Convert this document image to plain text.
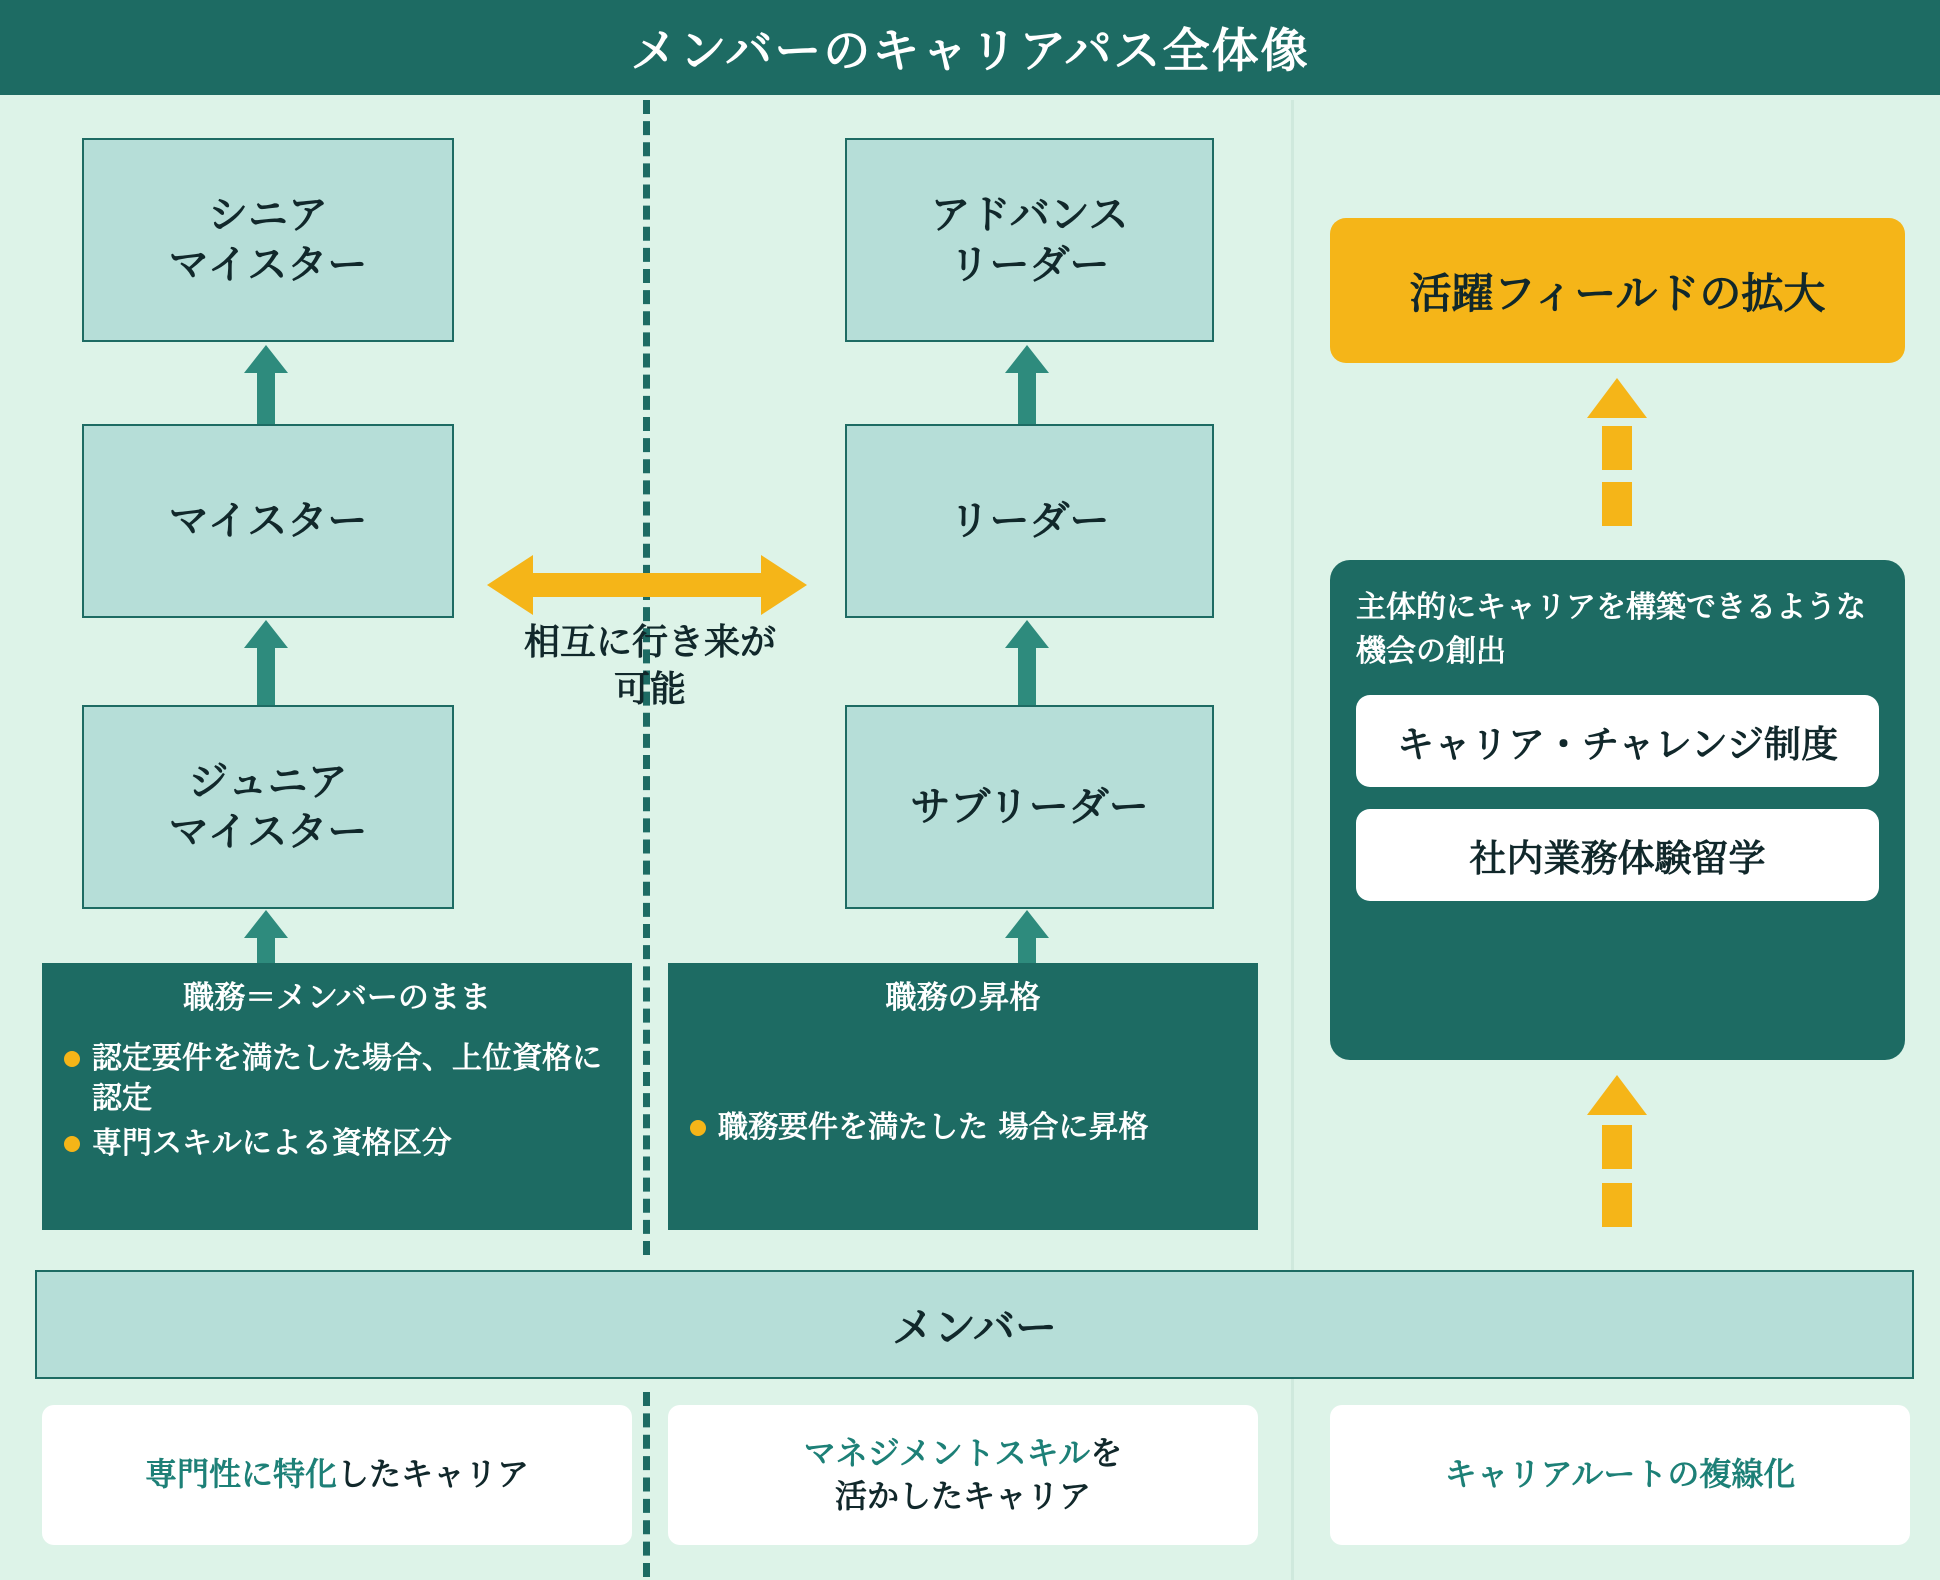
メンバーのキャリアパス全体像
シニア
マイスター
マイスター
ジュニア
マイスター
職務＝メンバーのまま
認定要件を満たした場合、上位資格に認定
専門スキルによる資格区分
アドバンス
リーダー
リーダー
サブリーダー
職務の昇格
職務要件を満たした 場合に昇格
相互に行き来が
可能
活躍フィールドの拡大
主体的にキャリアを構築できるような機会の創出
キャリア・チャレンジ制度
社内業務体験留学
メンバー
専門性に特化したキャリア
マネジメントスキルを
活かしたキャリア
キャリアルートの複線化
